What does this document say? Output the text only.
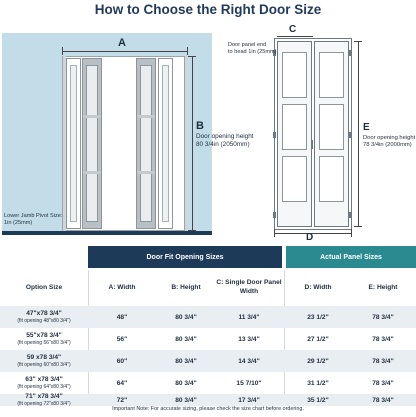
How to Choose the Right Door Size
A
B
Door opening height
80 3/4in (2050mm)
Lower Jamb Pivot Size:
1in (25mm)
C
Door panel end
to head 1in (25mm)
D
E
Door opening height
78 3/4in (2000mm)
Door Fit Opening Sizes	Actual Panel Sizes
Option Size	A: Width	B: Height
C: Single Door Panel Width
D: Width	E: Height
47"x78 3/4"
(fit opening 48"x80 3/4")
48"	80 3/4"	11 3/4"	23 1/2"	78 3/4"
55"x78 3/4"
(fit opening 56"x80 3/4")
56"	80 3/4"	13 3/4"	27 1/2"	78 3/4"
59 x78 3/4"
(fit opening 60"x80 3/4")
60"	80 3/4"	14 3/4"	29 1/2"	78 3/4"
63" x78 3/4"
(fit opening 64"x80 3/4")
64"	80 3/4"	15 7/10"	31 1/2"	78 3/4"
71" x78 3/4"
(fit opening 72"x80 3/4")
72"	80 3/4"	17 3/4"	35 1/2"	78 3/4"
Important Note: For accurate sizing, please check the size chart before ordering.
